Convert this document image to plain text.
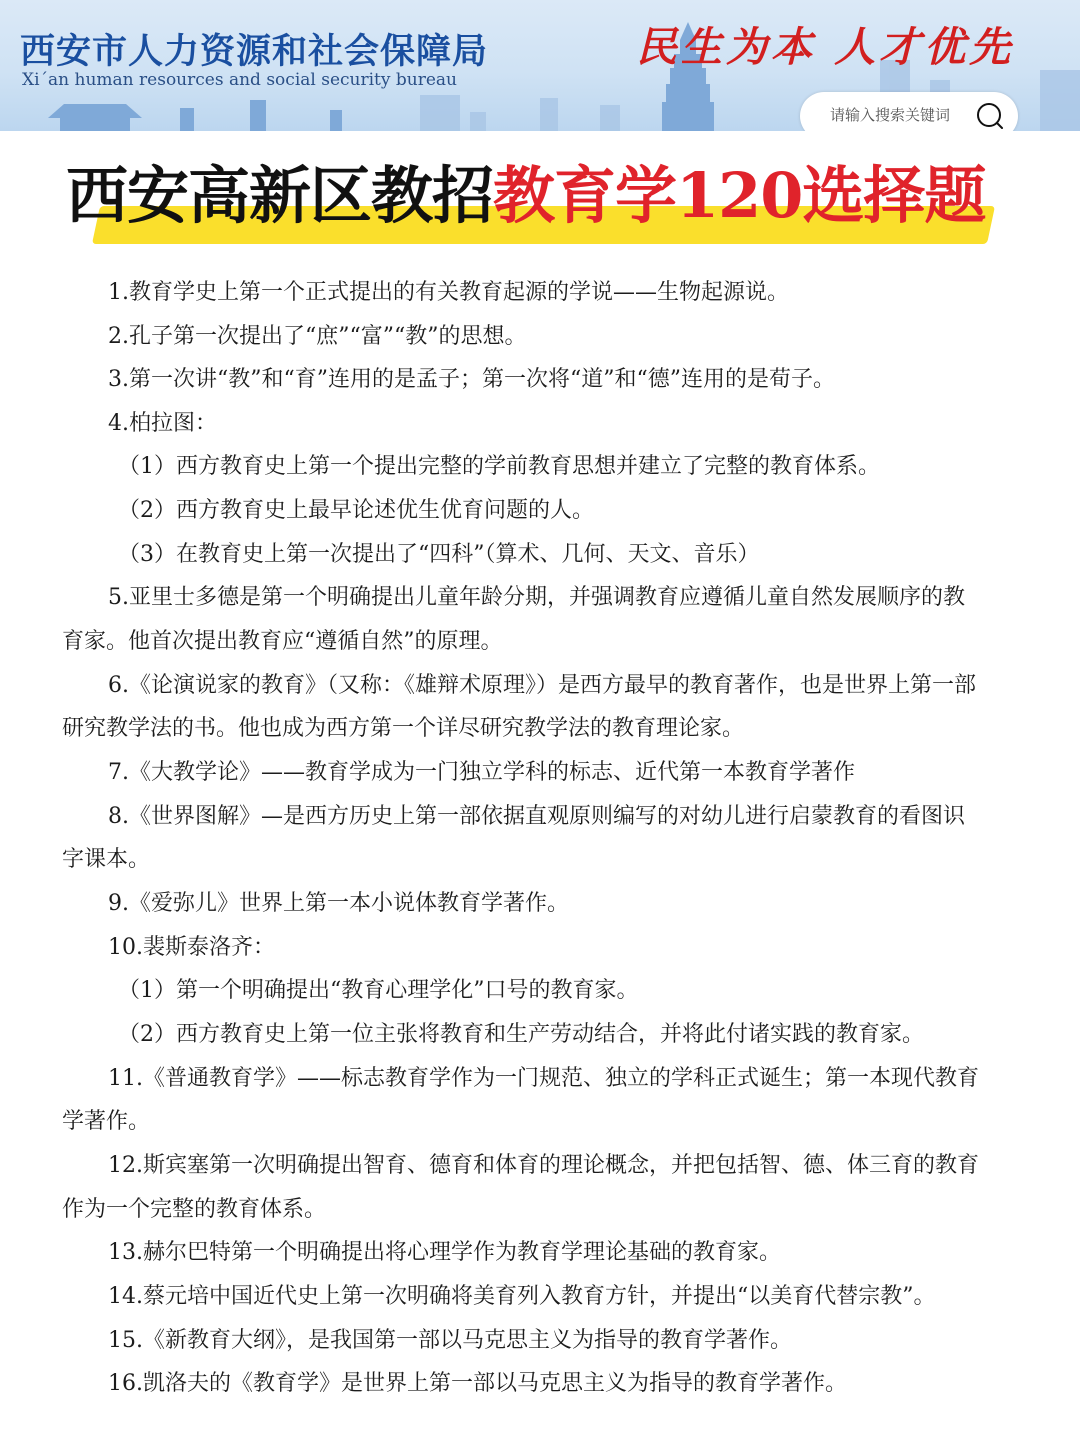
西安市人力资源和社会保障局
Xi´an human resources and social security bureau
民生为本 人才优先
请输入搜索关键词
西安高新区教招教育学120选择题
1.教育学史上第一个正式提出的有关教育起源的学说——生物起源说。
2.孔子第一次提出了“庶”“富”“教”的思想。
3.第一次讲“教”和“育”连用的是孟子；第一次将“道”和“德”连用的是荀子。
4.柏拉图：
（1）西方教育史上第一个提出完整的学前教育思想并建立了完整的教育体系。
（2）西方教育史上最早论述优生优育问题的人。
（3）在教育史上第一次提出了“四科”（算术、几何、天文、音乐）
5.亚里士多德是第一个明确提出儿童年龄分期，并强调教育应遵循儿童自然发展顺序的教
育家。他首次提出教育应“遵循自然”的原理。
6.《论演说家的教育》（又称：《雄辩术原理》）是西方最早的教育著作，也是世界上第一部
研究教学法的书。他也成为西方第一个详尽研究教学法的教育理论家。
7.《大教学论》——教育学成为一门独立学科的标志、近代第一本教育学著作
8.《世界图解》—是西方历史上第一部依据直观原则编写的对幼儿进行启蒙教育的看图识
字课本。
9.《爱弥儿》世界上第一本小说体教育学著作。
10.裴斯泰洛齐：
（1）第一个明确提出“教育心理学化”口号的教育家。
（2）西方教育史上第一位主张将教育和生产劳动结合，并将此付诸实践的教育家。
11.《普通教育学》——标志教育学作为一门规范、独立的学科正式诞生；第一本现代教育
学著作。
12.斯宾塞第一次明确提出智育、德育和体育的理论概念，并把包括智、德、体三育的教育
作为一个完整的教育体系。
13.赫尔巴特第一个明确提出将心理学作为教育学理论基础的教育家。
14.蔡元培中国近代史上第一次明确将美育列入教育方针，并提出“以美育代替宗教”。
15.《新教育大纲》，是我国第一部以马克思主义为指导的教育学著作。
16.凯洛夫的《教育学》是世界上第一部以马克思主义为指导的教育学著作。
